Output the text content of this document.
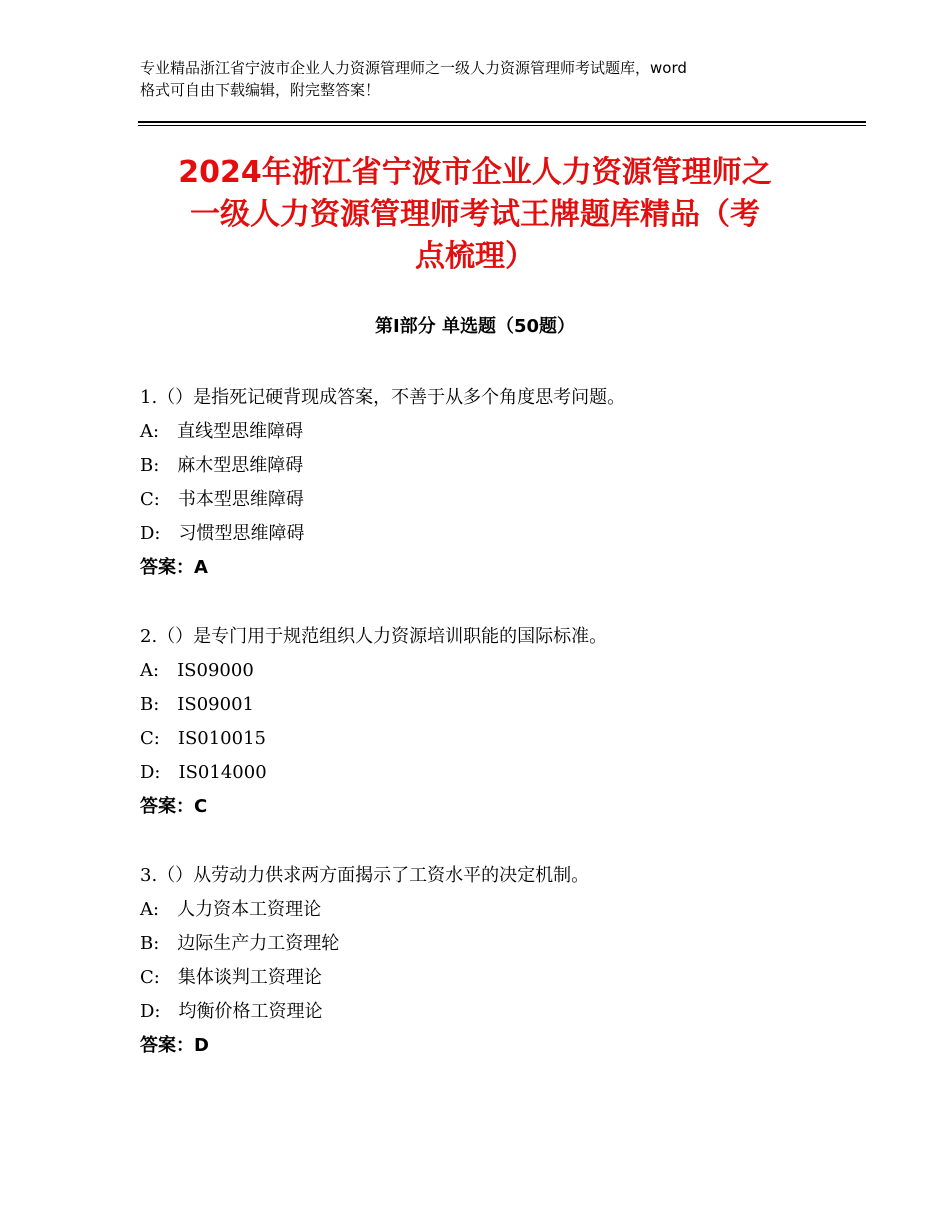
专业精品浙江省宁波市企业人力资源管理师之一级人力资源管理师考试题库，word
格式可自由下载编辑，附完整答案！
2024年浙江省宁波市企业人力资源管理师之
一级人力资源管理师考试王牌题库精品（考
点梳理）
第Ⅰ部分 单选题（50题）
1.（）是指死记硬背现成答案，不善于从多个角度思考问题。
A:　直线型思维障碍
B:　麻木型思维障碍
C:　书本型思维障碍
D:　习惯型思维障碍
答案：A
2.（）是专门用于规范组织人力资源培训职能的国际标准。
A:　IS09000
B:　IS09001
C:　IS010015
D:　IS014000
答案：C
3.（）从劳动力供求两方面揭示了工资水平的决定机制。
A:　人力资本工资理论
B:　边际生产力工资理轮
C:　集体谈判工资理论
D:　均衡价格工资理论
答案：D
